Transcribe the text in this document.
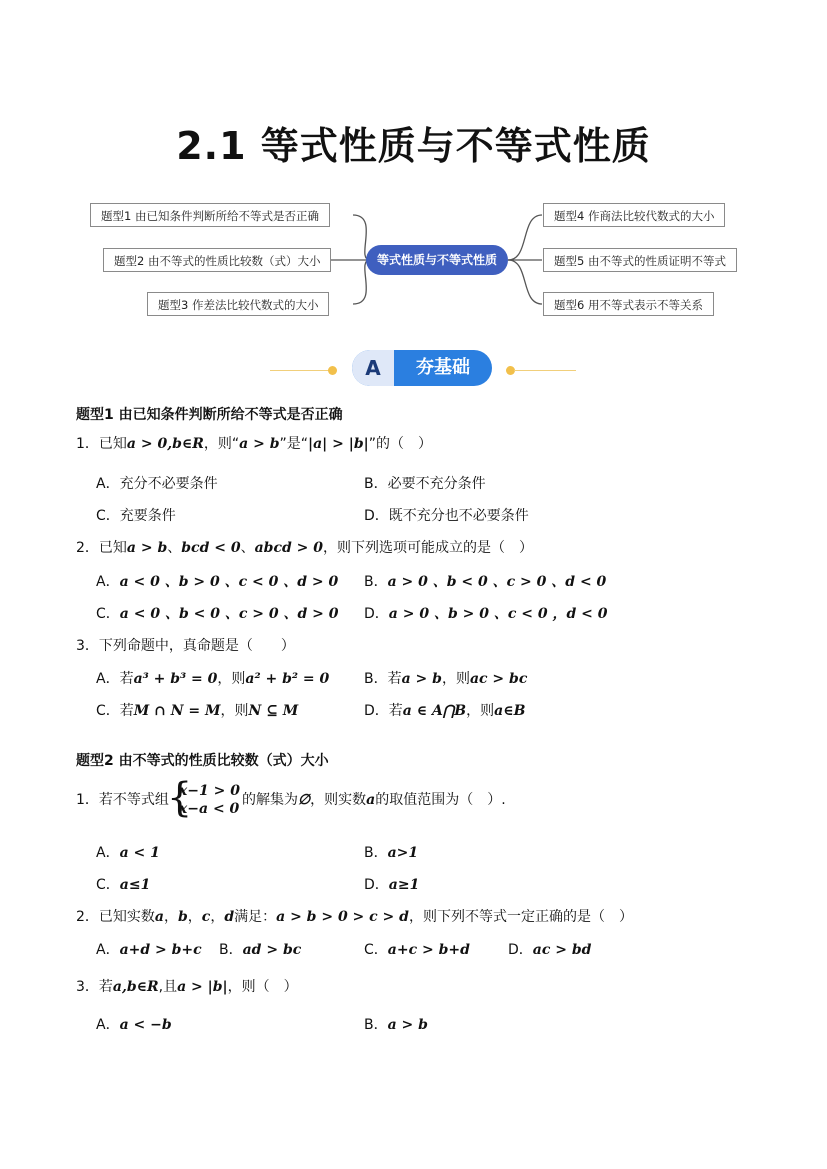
2.1 等式性质与不等式性质
题型1 由已知条件判断所给不等式是否正确
题型2 由不等式的性质比较数（式）大小
题型3 作差法比较代数式的大小
等式性质与不等式性质
题型4 作商法比较代数式的大小
题型5 由不等式的性质证明不等式
题型6 用不等式表示不等关系
A	夯基础
题型1 由已知条件判断所给不等式是否正确
1．已知a > 0,b∈R，则“a > b”是“|a| > |b|”的（　）
A．充分不必要条件	B．必要不充分条件
C．充要条件	D．既不充分也不必要条件
2．已知a > b、bcd < 0、abcd > 0，则下列选项可能成立的是（　）
A．a < 0 、b > 0 、c < 0 、d > 0 B．a > 0 、b < 0 、c > 0 、d < 0
C．a < 0 、b < 0 、c > 0 、d > 0 D．a > 0 、b > 0 、c < 0 ，d < 0
3．下列命题中，真命题是（　　）
A．若a³ + b³ = 0，则a² + b² = 0 B．若a > b，则ac > bc
C．若M ∩ N = M，则N ⊆ M	D．若a ∈ A⋂B，则a∈B
题型2 由不等式的性质比较数（式）大小
1．若不等式组
{
x−1 > 0
x−a < 0
的解集为∅，则实数a的取值范围为（　）.
A．a < 1	B．a>1
C．a≤1	D．a≥1
2．已知实数a，b，c，d满足：a > b > 0 > c > d，则下列不等式一定正确的是（　）
A．a+d > b+c B．ad > bc	C．a+c > b+d	D．ac > bd
3．若a,b∈R,且a > |b|，则（　）
A．a < −b	B．a > b
